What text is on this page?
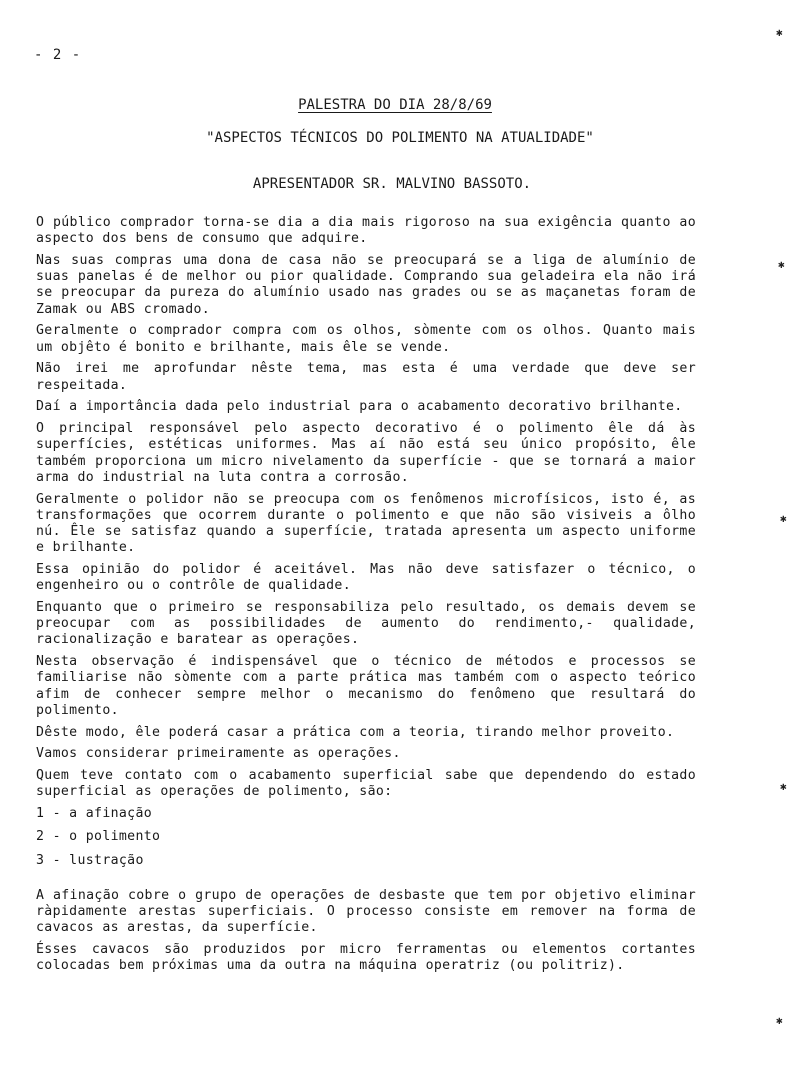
- 2 -
PALESTRA DO DIA 28/8/69
"ASPECTOS TÉCNICOS DO POLIMENTO NA ATUALIDADE"
APRESENTADOR SR. MALVINO BASSOTO.

O público comprador torna-se dia a dia mais rigoroso na sua exigência quanto ao aspecto dos bens de consumo que adquire.

Nas suas compras uma dona de casa não se preocupará se a liga de alumínio de suas panelas é de melhor ou pior qualidade. Comprando sua geladeira ela não irá se preocupar da pureza do alumínio usado nas grades ou se as maçanetas foram de Zamak ou ABS cromado.

Geralmente o comprador compra com os olhos, sòmente com os olhos. Quanto mais um objêto é bonito e brilhante, mais êle se vende.

Não irei me aprofundar nêste tema, mas esta é uma verdade que deve ser respeitada.

Daí a importância dada pelo industrial para o acabamento decorativo brilhante.

O principal responsável pelo aspecto decorativo é o polimento êle dá às superfícies, estéticas uniformes. Mas aí não está seu único propósito, êle também proporciona um micro nivelamento da superfície - que se tornará a maior arma do industrial na luta contra a corrosão.

Geralmente o polidor não se preocupa com os fenômenos microfísicos, isto é, as transformações que ocorrem durante o polimento e que não são visiveis a ôlho nú. Êle se satisfaz quando a superfície, tratada apresenta um aspecto uniforme e brilhante.

Essa opinião do polidor é aceitável. Mas não deve satisfazer o técnico, o engenheiro ou o contrôle de qualidade.

Enquanto que o primeiro se responsabiliza pelo resultado, os demais devem se preocupar com as possibilidades de aumento do rendimento,- qualidade, racionalização e baratear as operações.

Nesta observação é indispensável que o técnico de métodos e processos se familiarise não sòmente com a parte prática mas também com o aspecto teórico afim de conhecer sempre melhor o mecanismo do fenômeno que resultará do polimento.

Dêste modo, êle poderá casar a prática com a teoria, tirando melhor proveito.

Vamos considerar primeiramente as operações.

Quem teve contato com o acabamento superficial sabe que dependendo do estado superficial as operações de polimento, são:

1 - a afinação
2 - o polimento
3 - lustração

A afinação cobre o grupo de operações de desbaste que tem por objetivo eliminar ràpidamente arestas superficiais. O processo consiste em remover na forma de cavacos as arestas, da superfície.

Ésses cavacos são produzidos por micro ferramentas ou elementos cortantes colocadas bem próximas uma da outra na máquina operatriz (ou politriz).

✱
✱
✱
✱
✱
